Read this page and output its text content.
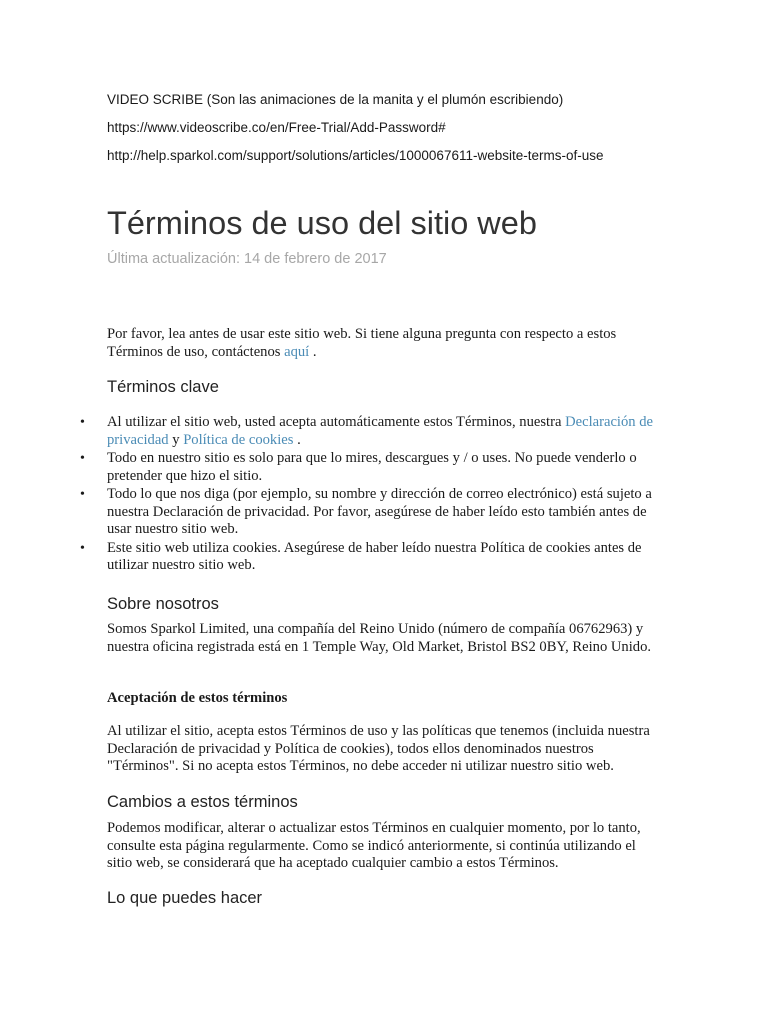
VIDEO SCRIBE (Son las animaciones de la manita y el plumón escribiendo)
https://www.videoscribe.co/en/Free-Trial/Add-Password#
http://help.sparkol.com/support/solutions/articles/1000067611-website-terms-of-use
Términos de uso del sitio web
Última actualización: 14 de febrero de 2017

Por favor, lea antes de usar este sitio web. Si tiene alguna pregunta con respecto a estos Términos de uso, contáctenos aquí .

Términos clave
• Al utilizar el sitio web, usted acepta automáticamente estos Términos, nuestra Declaración de privacidad y Política de cookies .
• Todo en nuestro sitio es solo para que lo mires, descargues y / o uses. No puede venderlo o pretender que hizo el sitio.
• Todo lo que nos diga (por ejemplo, su nombre y dirección de correo electrónico) está sujeto a nuestra Declaración de privacidad. Por favor, asegúrese de haber leído esto también antes de usar nuestro sitio web.
• Este sitio web utiliza cookies. Asegúrese de haber leído nuestra Política de cookies antes de utilizar nuestro sitio web.
Sobre nosotros

Somos Sparkol Limited, una compañía del Reino Unido (número de compañía 06762963) y nuestra oficina registrada está en 1 Temple Way, Old Market, Bristol BS2 0BY, Reino Unido.

Aceptación de estos términos

Al utilizar el sitio, acepta estos Términos de uso y las políticas que tenemos (incluida nuestra Declaración de privacidad y Política de cookies), todos ellos denominados nuestros "Términos". Si no acepta estos Términos, no debe acceder ni utilizar nuestro sitio web.

Cambios a estos términos

Podemos modificar, alterar o actualizar estos Términos en cualquier momento, por lo tanto, consulte esta página regularmente. Como se indicó anteriormente, si continúa utilizando el sitio web, se considerará que ha aceptado cualquier cambio a estos Términos.

Lo que puedes hacer
